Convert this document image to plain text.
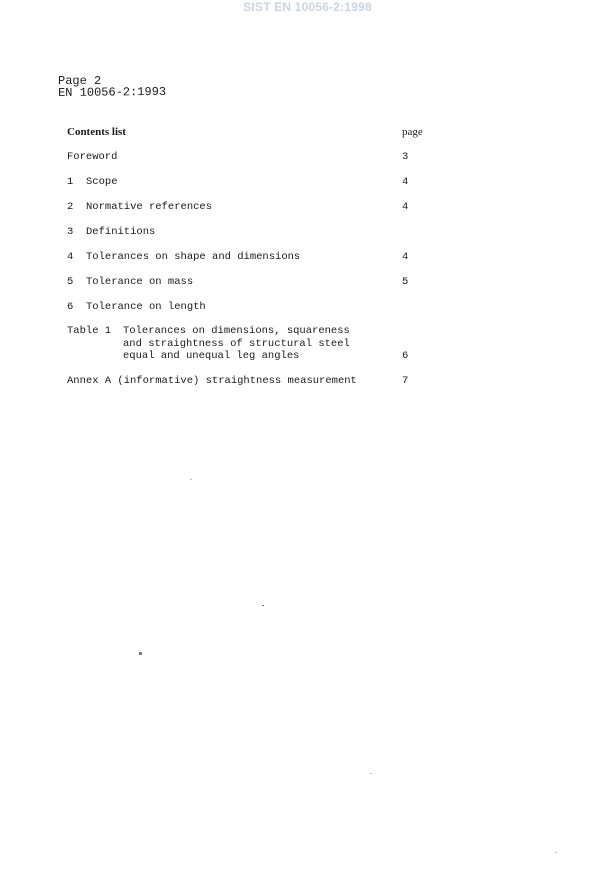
SIST EN 10056-2:1998
Page 2
EN 10056-2:1993
Contents list	page
Foreword	3
1 Scope	4
2 Normative references	4
3 Definitions
4 Tolerances on shape and dimensions	4
5 Tolerance on mass	5
6 Tolerance on length
Table 1 Tolerances on dimensions, squareness
and straightness of structural steel
equal and unequal leg angles	6
Annex A (informative) straightness measurement	7
